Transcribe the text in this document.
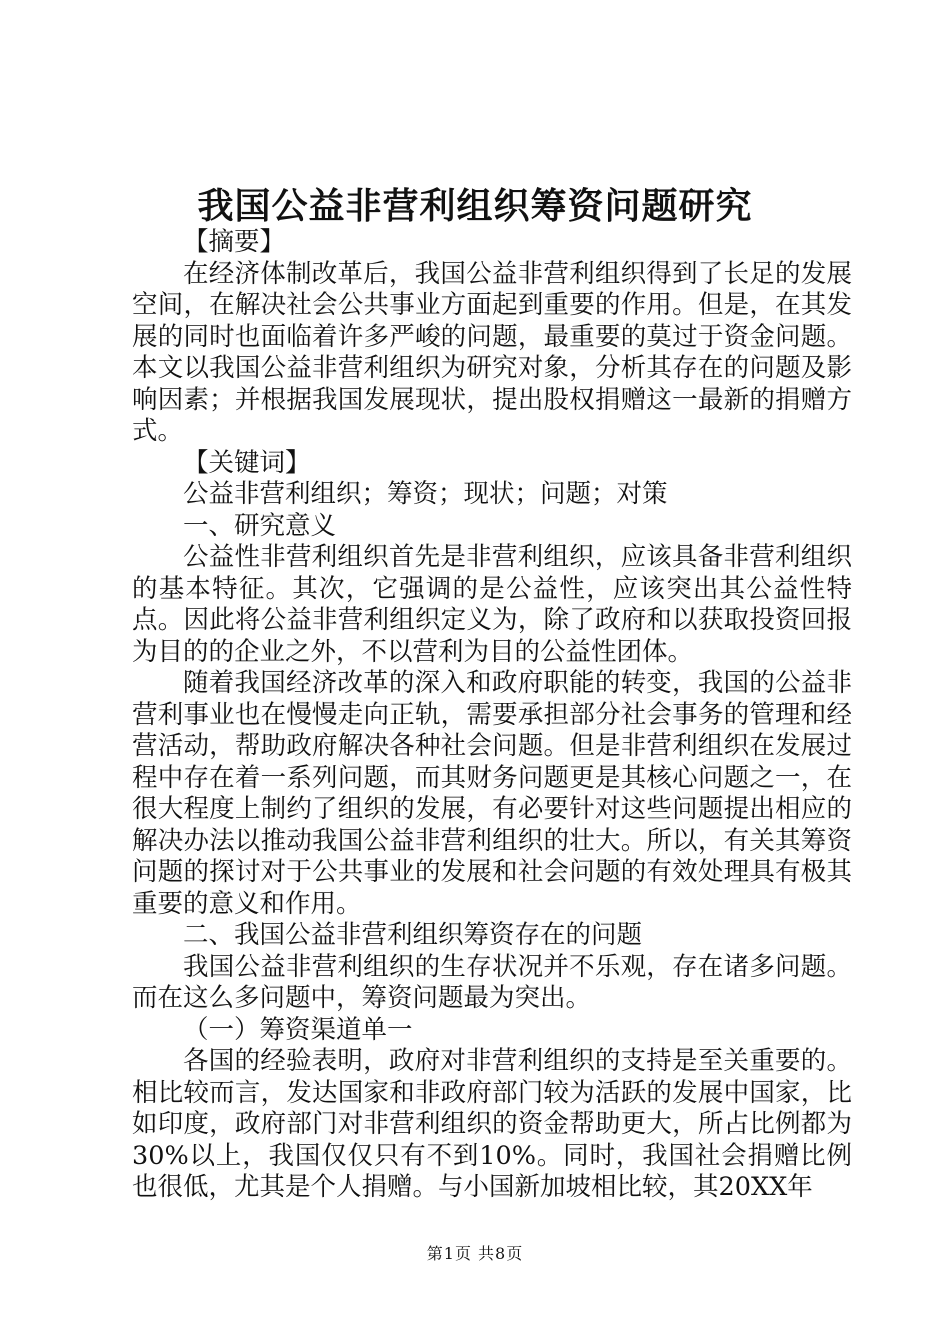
我国公益非营利组织筹资问题研究

【摘要】

在经济体制改革后，我国公益非营利组织得到了长足的发展空间，在解决社会公共事业方面起到重要的作用。但是，在其发展的同时也面临着许多严峻的问题，最重要的莫过于资金问题。本文以我国公益非营利组织为研究对象，分析其存在的问题及影响因素；并根据我国发展现状，提出股权捐赠这一最新的捐赠方式。

【关键词】

公益非营利组织；筹资；现状；问题；对策

一、研究意义

公益性非营利组织首先是非营利组织，应该具备非营利组织的基本特征。其次，它强调的是公益性，应该突出其公益性特点。因此将公益非营利组织定义为，除了政府和以获取投资回报为目的的企业之外，不以营利为目的公益性团体。

随着我国经济改革的深入和政府职能的转变，我国的公益非营利事业也在慢慢走向正轨，需要承担部分社会事务的管理和经营活动，帮助政府解决各种社会问题。但是非营利组织在发展过程中存在着一系列问题，而其财务问题更是其核心问题之一，在很大程度上制约了组织的发展，有必要针对这些问题提出相应的解决办法以推动我国公益非营利组织的壮大。所以，有关其筹资问题的探讨对于公共事业的发展和社会问题的有效处理具有极其重要的意义和作用。

二、我国公益非营利组织筹资存在的问题

我国公益非营利组织的生存状况并不乐观，存在诸多问题。而在这么多问题中，筹资问题最为突出。

（一）筹资渠道单一

各国的经验表明，政府对非营利组织的支持是至关重要的。相比较而言，发达国家和非政府部门较为活跃的发展中国家，比如印度，政府部门对非营利组织的资金帮助更大，所占比例都为30%以上，我国仅仅只有不到10%。同时，我国社会捐赠比例也很低，尤其是个人捐赠。与小国新加坡相比较，其20XX年

第1页 共8页
